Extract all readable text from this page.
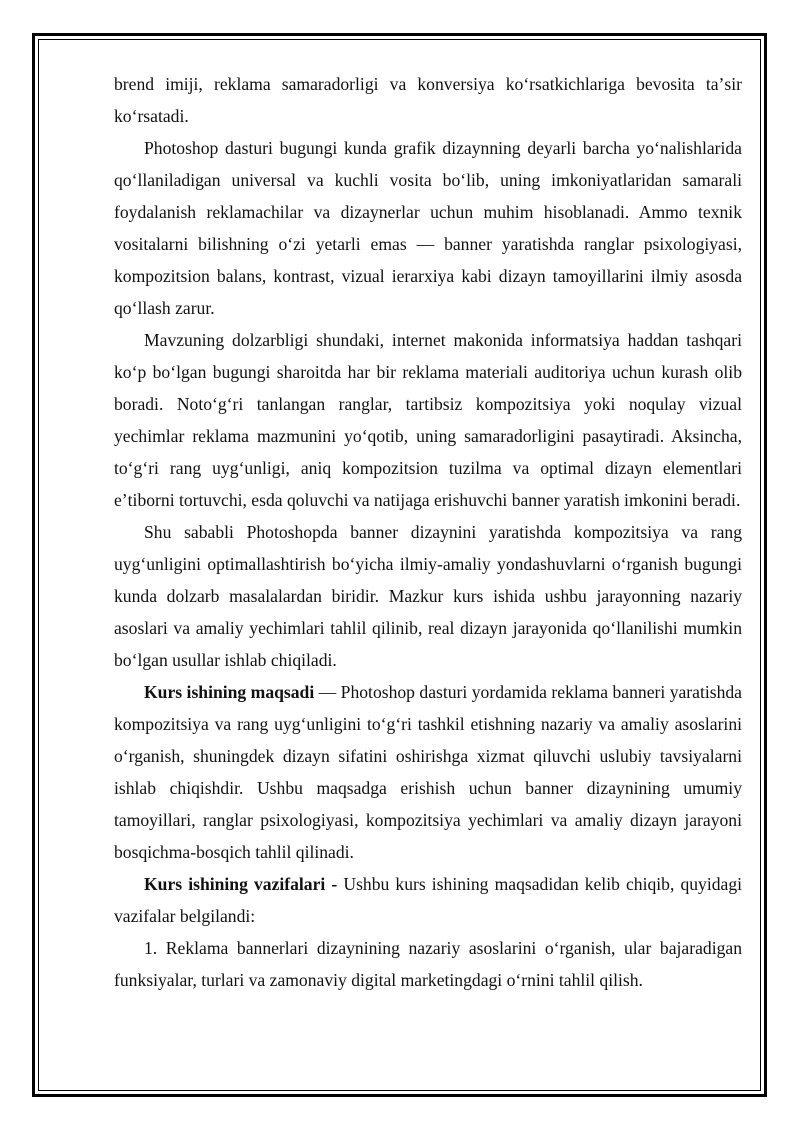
brend imiji, reklama samaradorligi va konversiya koʻrsatkichlariga bevosita taʼsir koʻrsatadi.

Photoshop dasturi bugungi kunda grafik dizaynning deyarli barcha yoʻnalishlarida qoʻllaniladigan universal va kuchli vosita boʻlib, uning imkoniyatlaridan samarali foydalanish reklamachilar va dizaynerlar uchun muhim hisoblanadi. Ammo texnik vositalarni bilishning oʻzi yetarli emas — banner yaratishda ranglar psixologiyasi, kompozitsion balans, kontrast, vizual ierarxiya kabi dizayn tamoyillarini ilmiy asosda qoʻllash zarur.

Mavzuning dolzarbligi shundaki, internet makonida informatsiya haddan tashqari koʻp boʻlgan bugungi sharoitda har bir reklama materiali auditoriya uchun kurash olib boradi. Notoʻgʻri tanlangan ranglar, tartibsiz kompozitsiya yoki noqulay vizual yechimlar reklama mazmunini yoʻqotib, uning samaradorligini pasaytiradi. Aksincha, toʻgʻri rang uygʻunligi, aniq kompozitsion tuzilma va optimal dizayn elementlari eʼtiborni tortuvchi, esda qoluvchi va natijaga erishuvchi banner yaratish imkonini beradi.

Shu sababli Photoshopda banner dizaynini yaratishda kompozitsiya va rang uygʻunligini optimallashtirish boʻyicha ilmiy-amaliy yondashuvlarni oʻrganish bugungi kunda dolzarb masalalardan biridir. Mazkur kurs ishida ushbu jarayonning nazariy asoslari va amaliy yechimlari tahlil qilinib, real dizayn jarayonida qoʻllanilishi mumkin boʻlgan usullar ishlab chiqiladi.

Kurs ishining maqsadi — Photoshop dasturi yordamida reklama banneri yaratishda kompozitsiya va rang uygʻunligini toʻgʻri tashkil etishning nazariy va amaliy asoslarini oʻrganish, shuningdek dizayn sifatini oshirishga xizmat qiluvchi uslubiy tavsiyalarni ishlab chiqishdir. Ushbu maqsadga erishish uchun banner dizaynining umumiy tamoyillari, ranglar psixologiyasi, kompozitsiya yechimlari va amaliy dizayn jarayoni bosqichma-bosqich tahlil qilinadi.

Kurs ishining vazifalari - Ushbu kurs ishining maqsadidan kelib chiqib, quyidagi vazifalar belgilandi:

1. Reklama bannerlari dizaynining nazariy asoslarini oʻrganish, ular bajaradigan funksiyalar, turlari va zamonaviy digital marketingdagi oʻrnini tahlil qilish.
